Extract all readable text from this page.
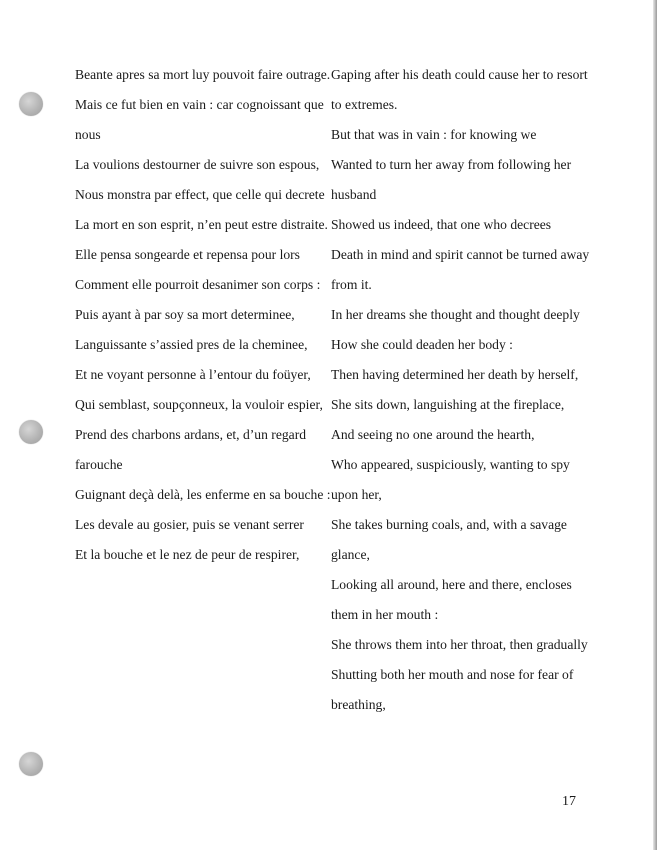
Beante apres sa mort luy pouvoit faire outrage.
Mais ce fut bien en vain : car cognoissant que
nous
La voulions destourner de suivre son espous,
Nous monstra par effect, que celle qui decrete
La mort en son esprit, n’en peut estre distraite.
Elle pensa songearde et repensa pour lors
Comment elle pourroit desanimer son corps :
Puis ayant à par soy sa mort determinee,
Languissante s’assied pres de la cheminee,
Et ne voyant personne à l’entour du foüyer,
Qui semblast, soupçonneux, la vouloir espier,
Prend des charbons ardans, et, d’un regard
farouche
Guignant deçà delà, les enferme en sa bouche :
Les devale au gosier, puis se venant serrer
Et la bouche et le nez de peur de respirer,
Gaping after his death could cause her to resort
to extremes.
But that was in vain : for knowing we
Wanted to turn her away from following her
husband
Showed us indeed, that one who decrees
Death in mind and spirit cannot be turned away
from it.
In her dreams she thought and thought deeply
How she could deaden her body :
Then having determined her death by herself,
She sits down, languishing at the fireplace,
And seeing no one around the hearth,
Who appeared, suspiciously, wanting to spy
upon her,
She takes burning coals, and, with a savage
glance,
Looking all around, here and there, encloses
them in her mouth :
She throws them into her throat, then gradually
Shutting both her mouth and nose for fear of
breathing,
17
